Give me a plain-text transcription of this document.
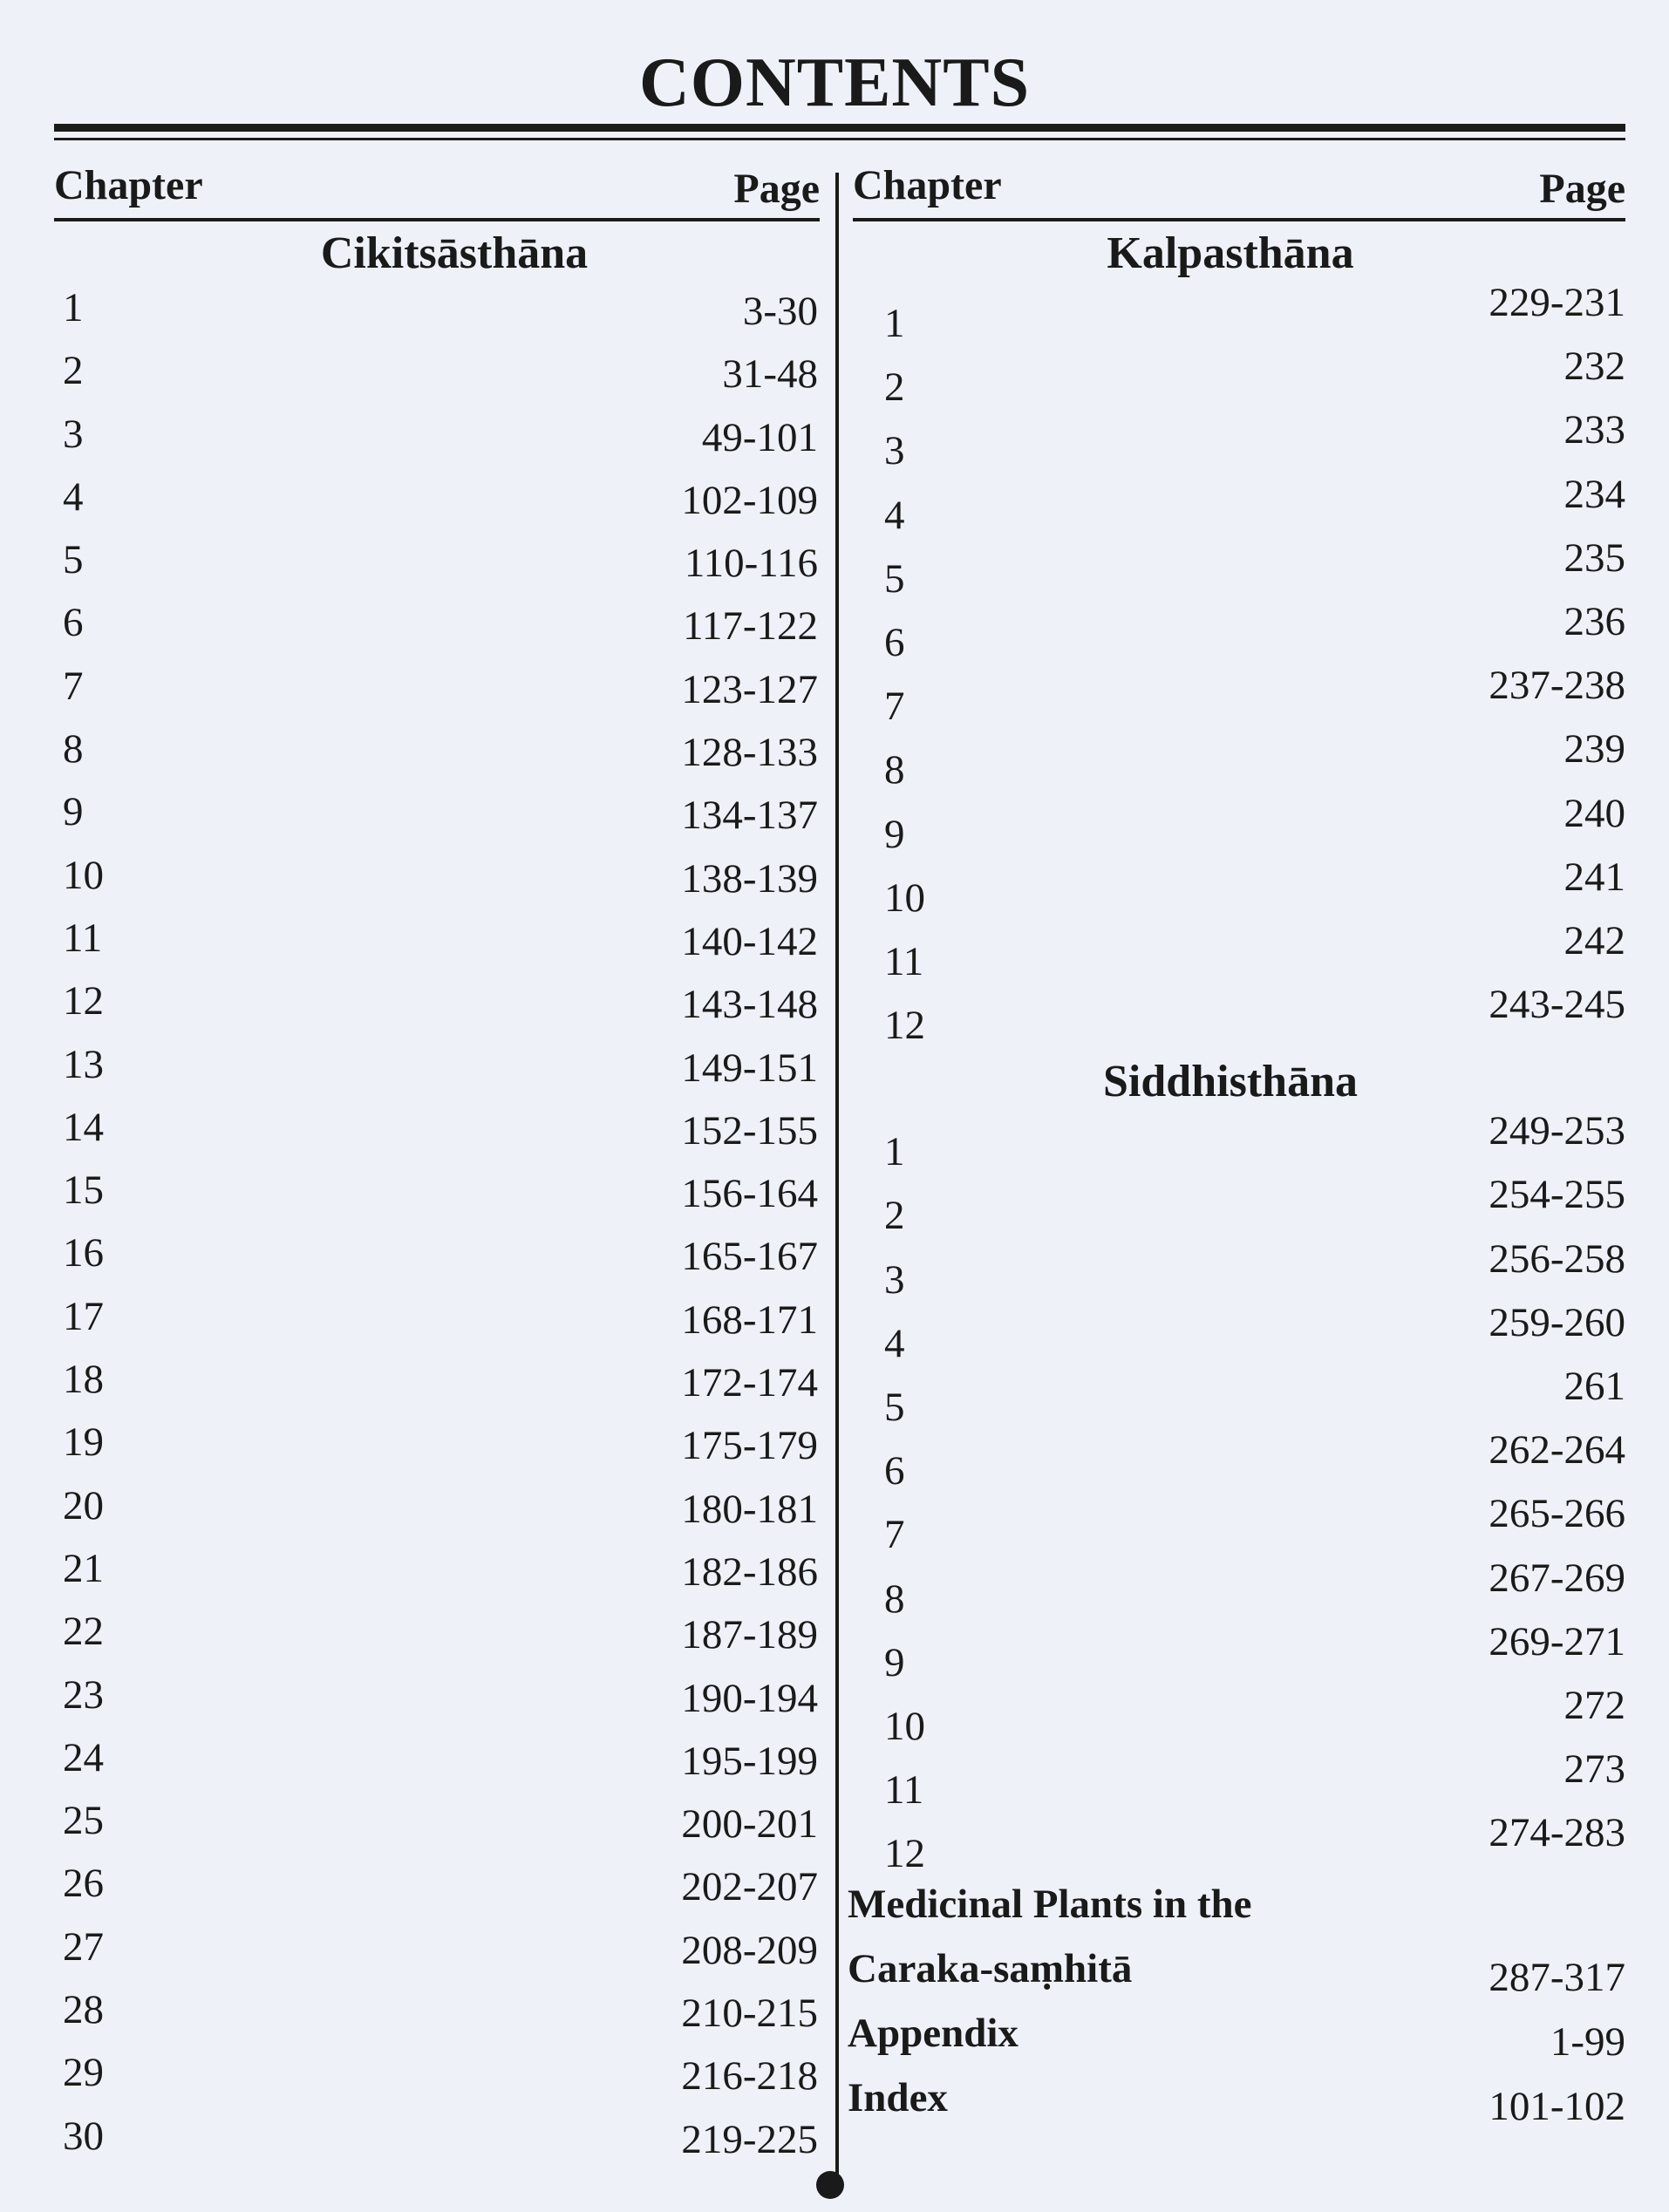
CONTENTS
Chapter	Page
Cikitsāsthāna
1	3-30
2	31-48
3	49-101
4	102-109
5	110-116
6	117-122
7	123-127
8	128-133
9	134-137
10	138-139
11	140-142
12	143-148
13	149-151
14	152-155
15	156-164
16	165-167
17	168-171
18	172-174
19	175-179
20	180-181
21	182-186
22	187-189
23	190-194
24	195-199
25	200-201
26	202-207
27	208-209
28	210-215
29	216-218
30	219-225
Chapter	Page
Kalpasthāna
1	229-231
2	232
3	233
4	234
5	235
6	236
7	237-238
8	239
9	240
10	241
11	242
12	243-245
Siddhisthāna
1	249-253
2	254-255
3	256-258
4	259-260
5	261
6	262-264
7	265-266
8	267-269
9	269-271
10	272
11	273
12	274-283
Medicinal Plants in the
Caraka-saṃhitā	287-317
Appendix	1-99
Index	101-102
